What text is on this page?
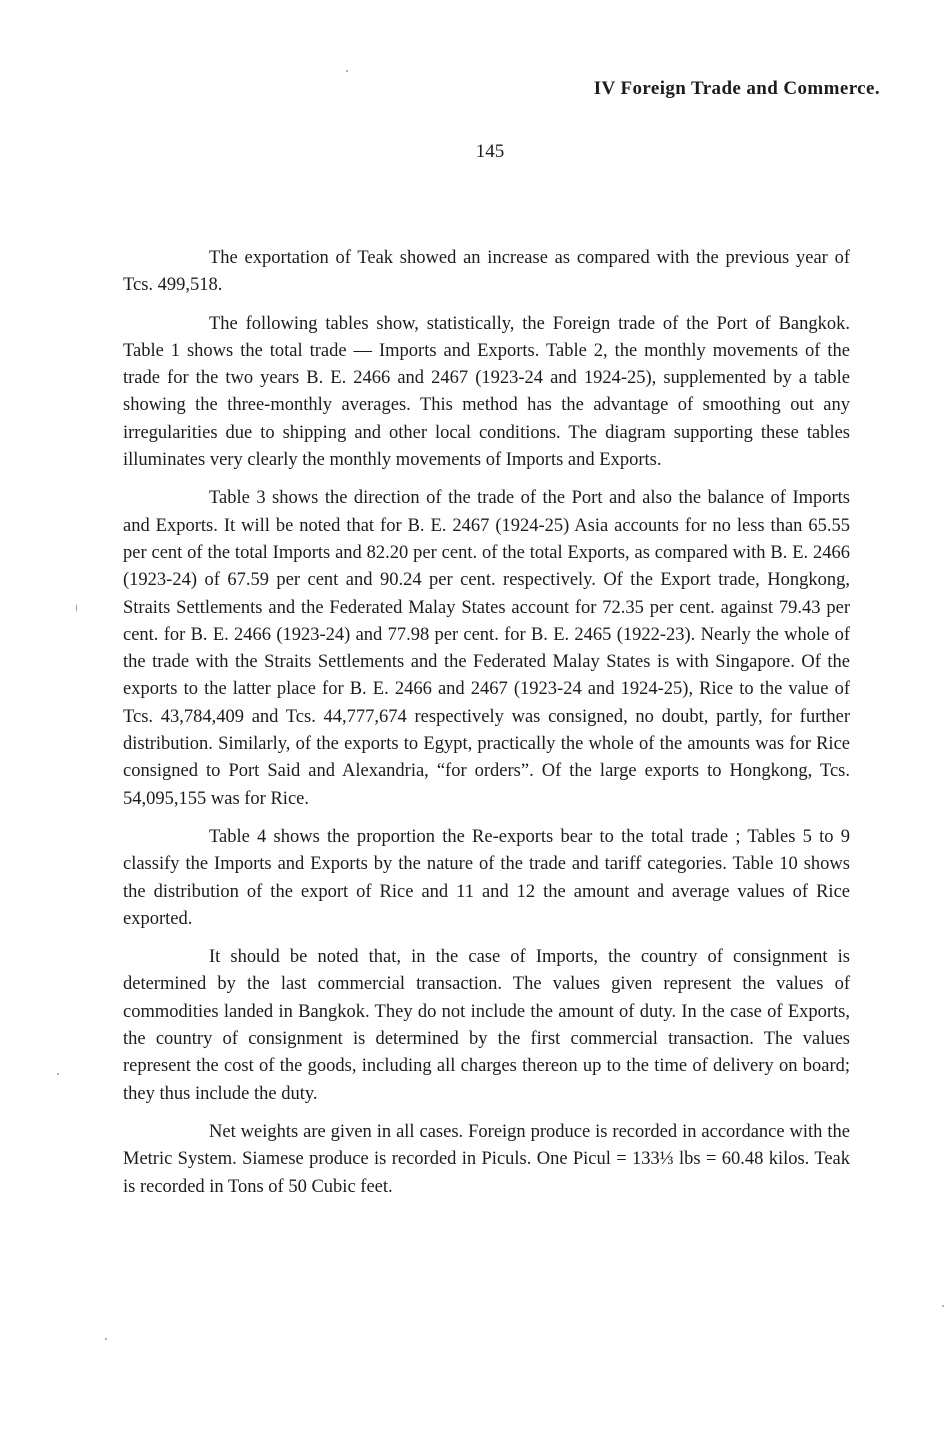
IV Foreign Trade and Commerce.
145

The exportation of Teak showed an increase as compared with the previous year of Tcs. 499,518.

The following tables show, statistically, the Foreign trade of the Port of Bangkok. Table 1 shows the total trade — Imports and Exports. Table 2, the monthly movements of the trade for the two years B. E. 2466 and 2467 (1923-24 and 1924-25), supplemented by a table showing the three-monthly averages. This method has the advantage of smoothing out any irregularities due to shipping and other local conditions. The diagram supporting these tables illuminates very clearly the monthly movements of Imports and Exports.

Table 3 shows the direction of the trade of the Port and also the balance of Imports and Exports. It will be noted that for B. E. 2467 (1924-25) Asia accounts for no less than 65.55 per cent of the total Imports and 82.20 per cent. of the total Exports, as compared with B. E. 2466 (1923-24) of 67.59 per cent and 90.24 per cent. respectively. Of the Export trade, Hongkong, Straits Settlements and the Federated Malay States account for 72.35 per cent. against 79.43 per cent. for B. E. 2466 (1923-24) and 77.98 per cent. for B. E. 2465 (1922-23). Nearly the whole of the trade with the Straits Settlements and the Federated Malay States is with Singapore. Of the exports to the latter place for B. E. 2466 and 2467 (1923-24 and 1924-25), Rice to the value of Tcs. 43,784,409 and Tcs. 44,777,674 respectively was consigned, no doubt, partly, for further distribution. Similarly, of the exports to Egypt, practically the whole of the amounts was for Rice consigned to Port Said and Alexandria, “for orders”. Of the large exports to Hongkong, Tcs. 54,095,155 was for Rice.

Table 4 shows the proportion the Re-exports bear to the total trade ; Tables 5 to 9 classify the Imports and Exports by the nature of the trade and tariff categories. Table 10 shows the distribution of the export of Rice and 11 and 12 the amount and average values of Rice exported.

It should be noted that, in the case of Imports, the country of consignment is determined by the last commercial transaction. The values given represent the values of commodities landed in Bangkok. They do not include the amount of duty. In the case of Exports, the country of consignment is determined by the first commercial transaction. The values represent the cost of the goods, including all charges thereon up to the time of delivery on board; they thus include the duty.

Net weights are given in all cases. Foreign produce is recorded in accordance with the Metric System. Siamese produce is recorded in Piculs. One Picul = 133⅓ lbs = 60.48 kilos. Teak is recorded in Tons of 50 Cubic feet.
